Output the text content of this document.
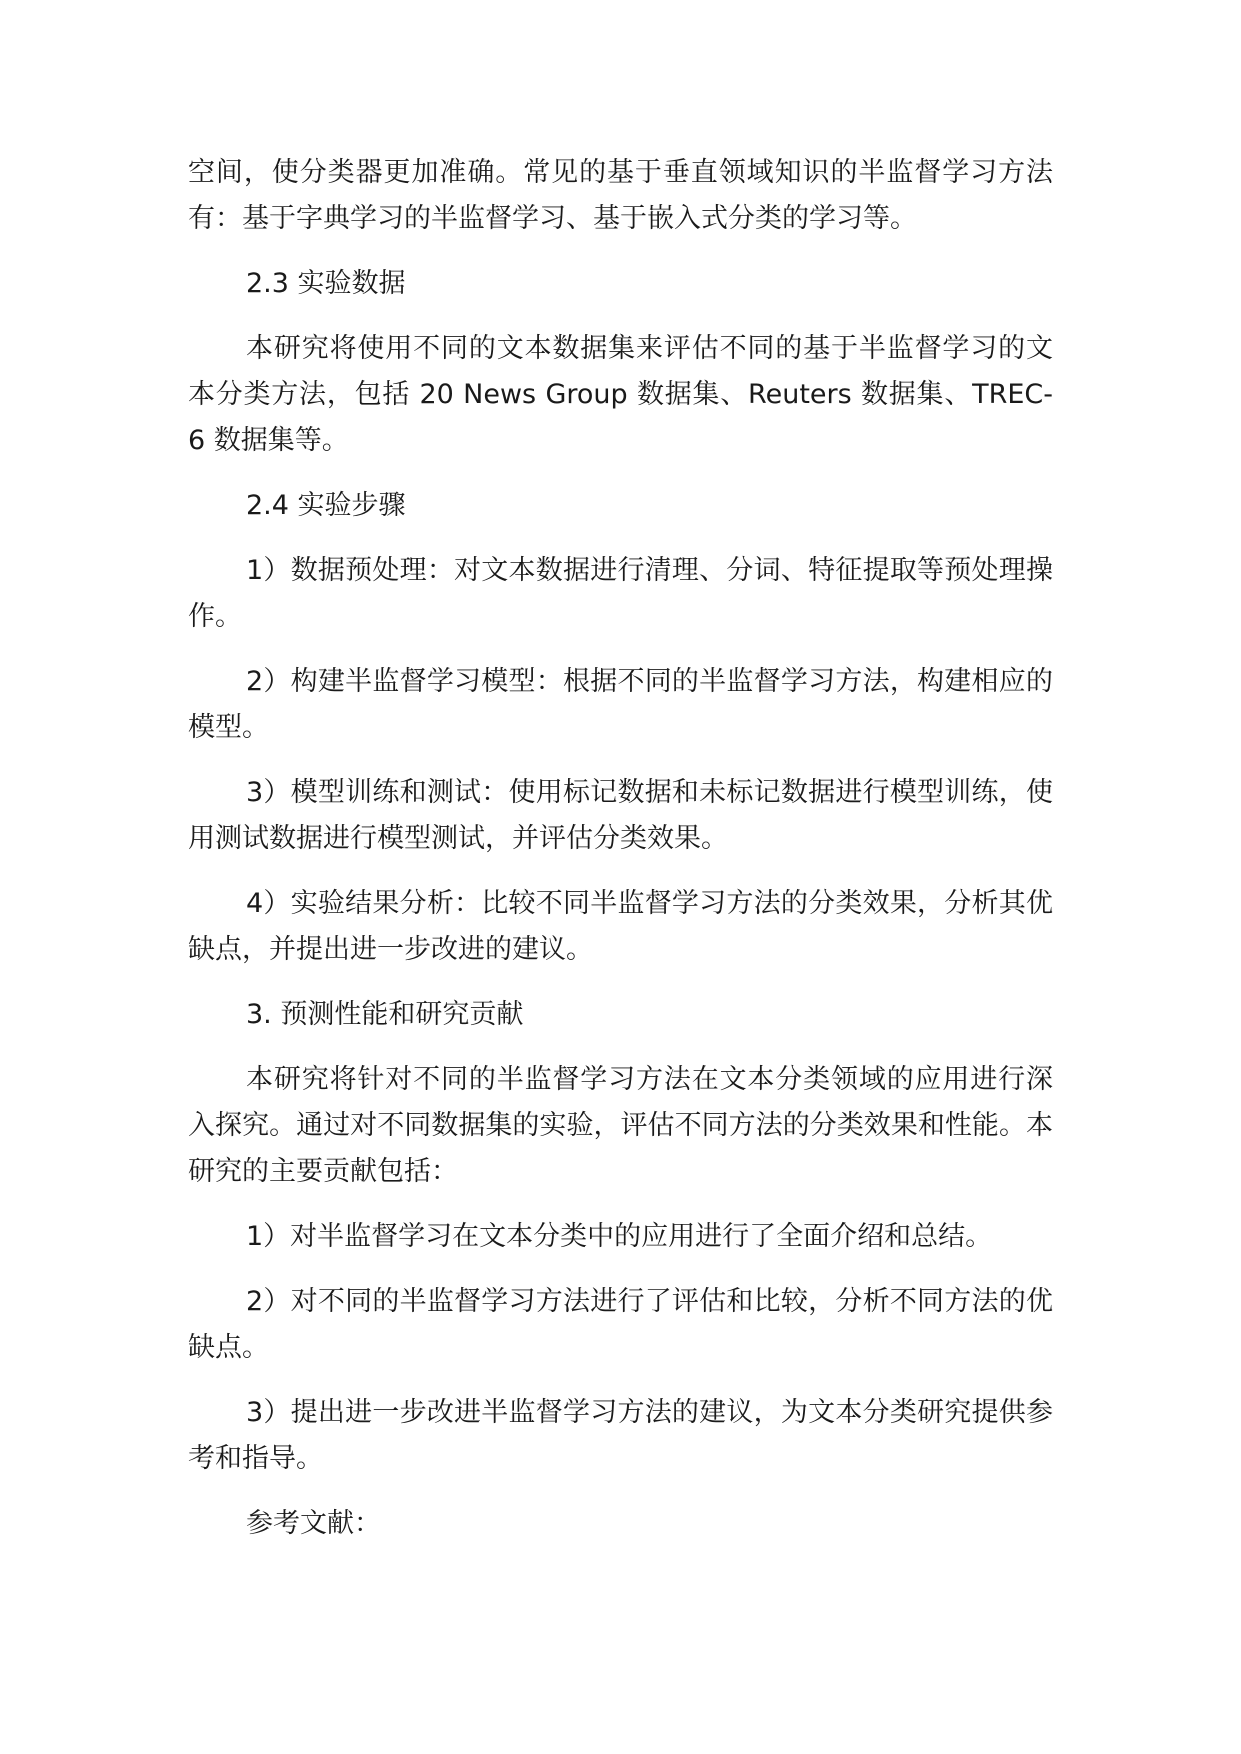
空间，使分类器更加准确。常见的基于垂直领域知识的半监督学习方法有：基于字典学习的半监督学习、基于嵌入式分类的学习等。

2.3 实验数据

本研究将使用不同的文本数据集来评估不同的基于半监督学习的文本分类方法，包括 20 News Group 数据集、Reuters 数据集、TREC-6 数据集等。

2.4 实验步骤

1）数据预处理：对文本数据进行清理、分词、特征提取等预处理操作。

2）构建半监督学习模型：根据不同的半监督学习方法，构建相应的模型。

3）模型训练和测试：使用标记数据和未标记数据进行模型训练，使用测试数据进行模型测试，并评估分类效果。

4）实验结果分析：比较不同半监督学习方法的分类效果，分析其优缺点，并提出进一步改进的建议。

3. 预测性能和研究贡献

本研究将针对不同的半监督学习方法在文本分类领域的应用进行深入探究。通过对不同数据集的实验，评估不同方法的分类效果和性能。本研究的主要贡献包括：

1）对半监督学习在文本分类中的应用进行了全面介绍和总结。

2）对不同的半监督学习方法进行了评估和比较，分析不同方法的优缺点。

3）提出进一步改进半监督学习方法的建议，为文本分类研究提供参考和指导。

参考文献：
